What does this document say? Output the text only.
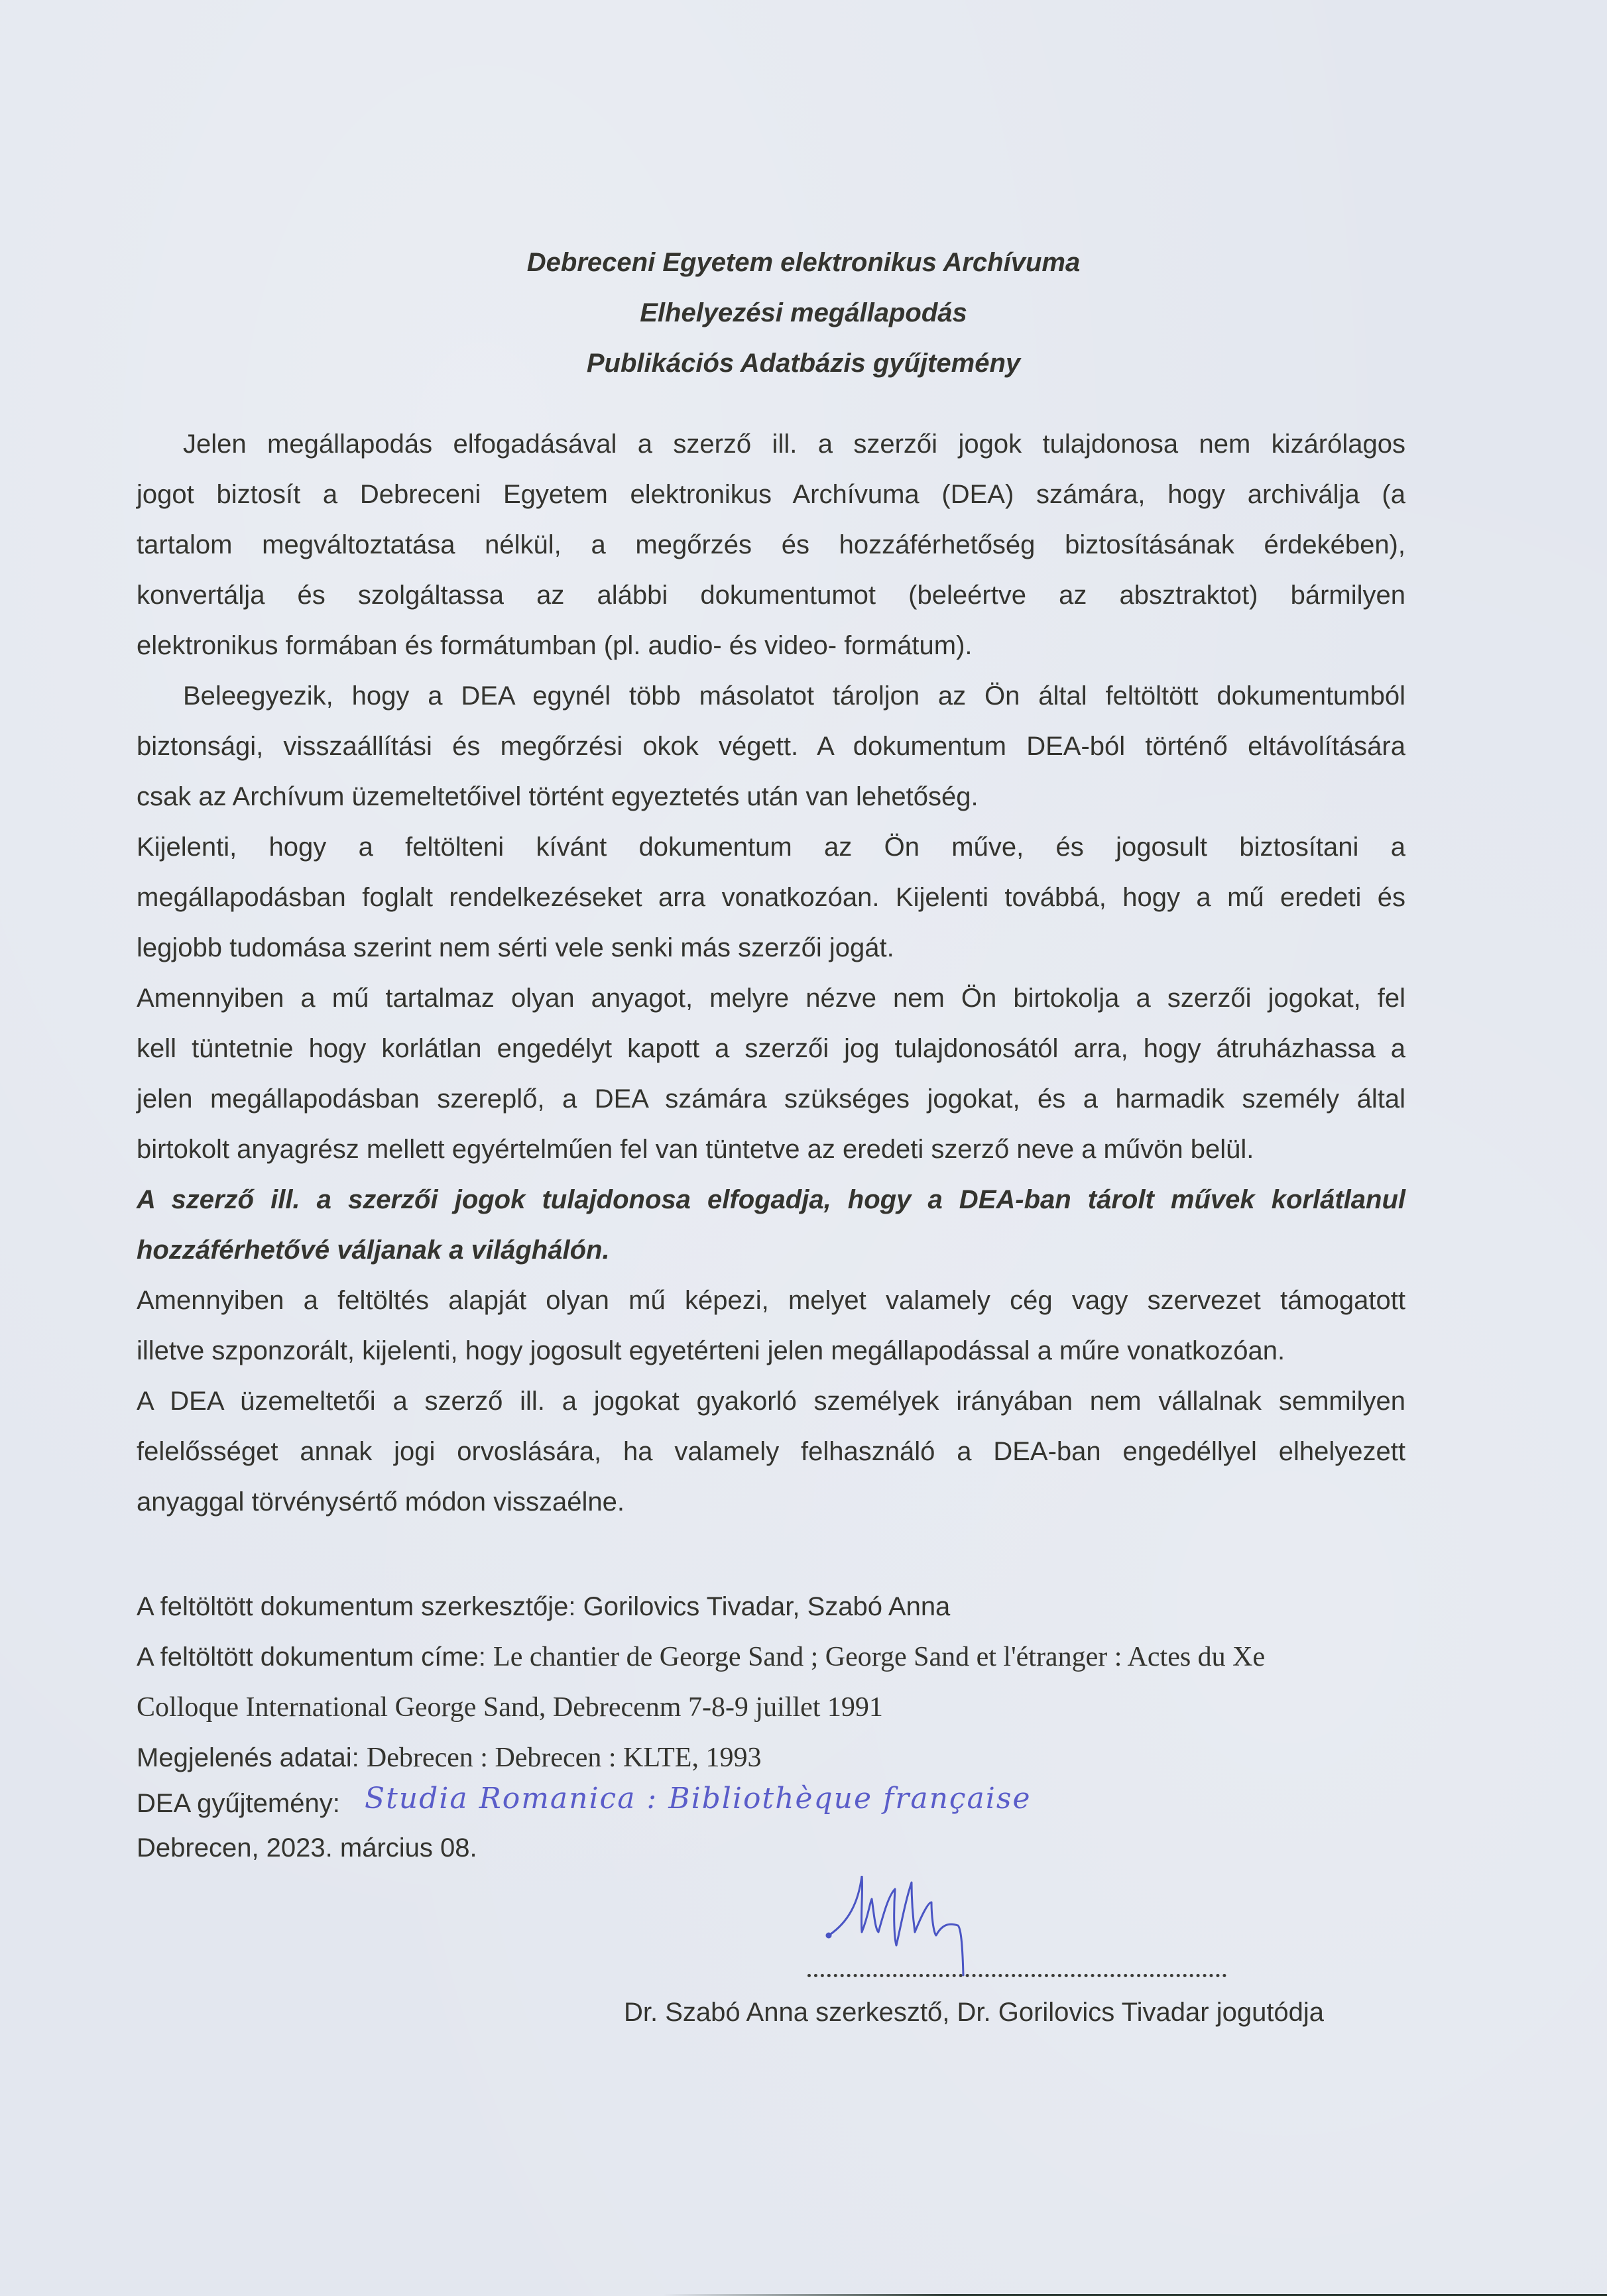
Debreceni Egyetem elektronikus Archívuma
Elhelyezési megállapodás
Publikációs Adatbázis gyűjtemény
Jelen megállapodás elfogadásával a szerző ill. a szerzői jogok tulajdonosa nem kizárólagos
jogot biztosít a Debreceni Egyetem elektronikus Archívuma (DEA) számára, hogy archiválja (a
tartalom megváltoztatása nélkül, a megőrzés és hozzáférhetőség biztosításának érdekében),
konvertálja és szolgáltassa az alábbi dokumentumot (beleértve az absztraktot) bármilyen
elektronikus formában és formátumban (pl. audio- és video- formátum).
Beleegyezik, hogy a DEA egynél több másolatot tároljon az Ön által feltöltött dokumentumból
biztonsági, visszaállítási és megőrzési okok végett. A dokumentum DEA-ból történő eltávolítására
csak az Archívum üzemeltetőivel történt egyeztetés után van lehetőség.
Kijelenti, hogy a feltölteni kívánt dokumentum az Ön műve, és jogosult biztosítani a
megállapodásban foglalt rendelkezéseket arra vonatkozóan. Kijelenti továbbá, hogy a mű eredeti és
legjobb tudomása szerint nem sérti vele senki más szerzői jogát.
Amennyiben a mű tartalmaz olyan anyagot, melyre nézve nem Ön birtokolja a szerzői jogokat, fel
kell tüntetnie hogy korlátlan engedélyt kapott a szerzői jog tulajdonosától arra, hogy átruházhassa a
jelen megállapodásban szereplő, a DEA számára szükséges jogokat, és a harmadik személy által
birtokolt anyagrész mellett egyértelműen fel van tüntetve az eredeti szerző neve a művön belül.
A szerző ill. a szerzői jogok tulajdonosa elfogadja, hogy a DEA-ban tárolt művek korlátlanul
hozzáférhetővé váljanak a világhálón.
Amennyiben a feltöltés alapját olyan mű képezi, melyet valamely cég vagy szervezet támogatott
illetve szponzorált, kijelenti, hogy jogosult egyetérteni jelen megállapodással a műre vonatkozóan.
A DEA üzemeltetői a szerző ill. a jogokat gyakorló személyek irányában nem vállalnak semmilyen
felelősséget annak jogi orvoslására, ha valamely felhasználó a DEA-ban engedéllyel elhelyezett
anyaggal törvénysértő módon visszaélne.
A feltöltött dokumentum szerkesztője: Gorilovics Tivadar, Szabó Anna
A feltöltött dokumentum címe: Le chantier de George Sand ; George Sand et l'étranger : Actes du Xe
Colloque International George Sand, Debrecenm 7-8-9 juillet 1991
Megjelenés adatai: Debrecen : Debrecen : KLTE, 1993
DEA gyűjtemény: Studia Romanica : Bibliothèque française
Debrecen, 2023. március 08.
Dr. Szabó Anna szerkesztő, Dr. Gorilovics Tivadar jogutódja
